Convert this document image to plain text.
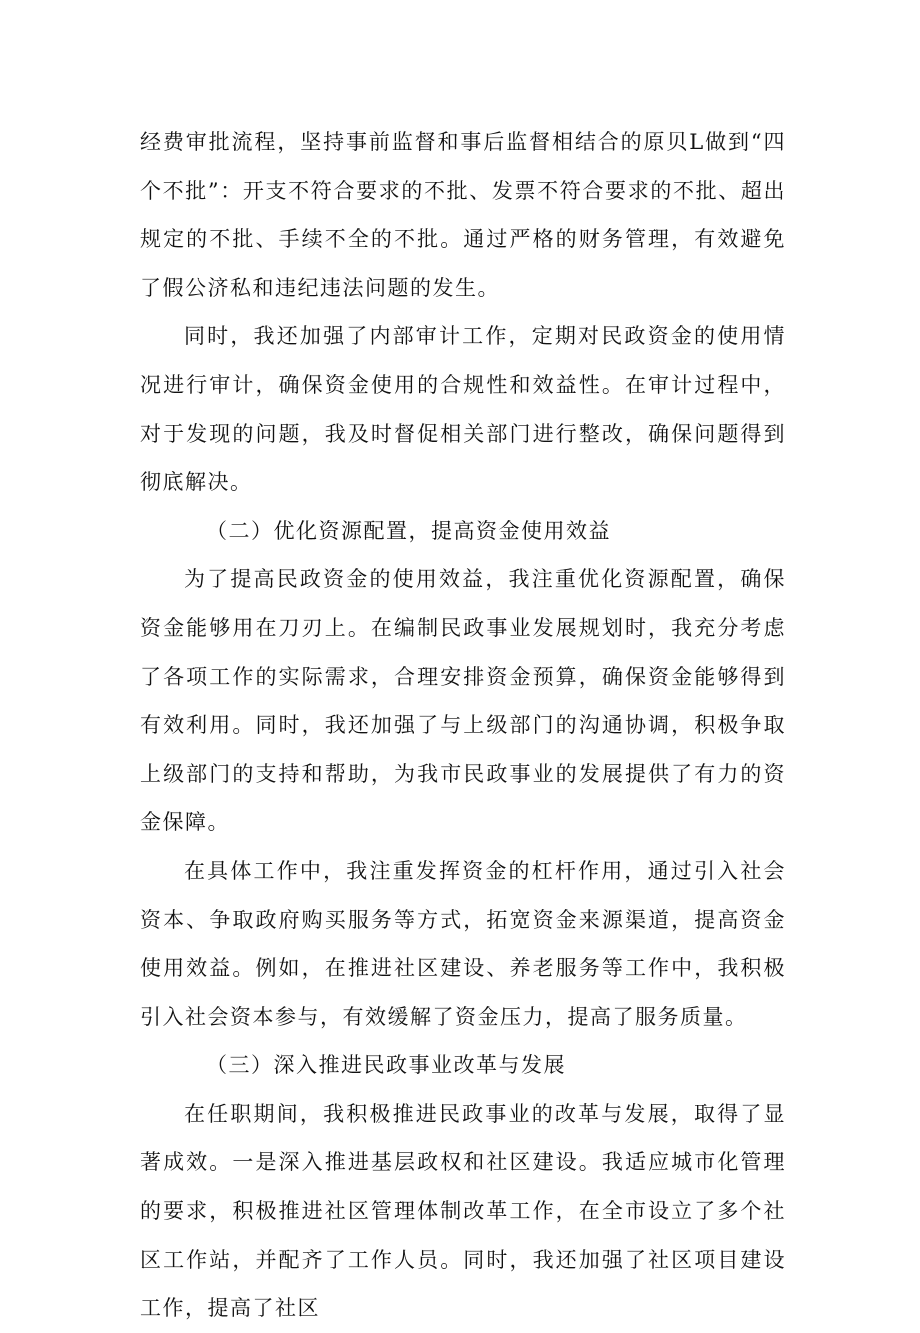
经费审批流程，坚持事前监督和事后监督相结合的原贝L做到“四个不批”：开支不符合要求的不批、发票不符合要求的不批、超出规定的不批、手续不全的不批。通过严格的财务管理，有效避免了假公济私和违纪违法问题的发生。

同时，我还加强了内部审计工作，定期对民政资金的使用情况进行审计，确保资金使用的合规性和效益性。在审计过程中，对于发现的问题，我及时督促相关部门进行整改，确保问题得到彻底解决。

（二）优化资源配置，提高资金使用效益

为了提高民政资金的使用效益，我注重优化资源配置，确保资金能够用在刀刃上。在编制民政事业发展规划时，我充分考虑了各项工作的实际需求，合理安排资金预算，确保资金能够得到有效利用。同时，我还加强了与上级部门的沟通协调，积极争取上级部门的支持和帮助，为我市民政事业的发展提供了有力的资金保障。

在具体工作中，我注重发挥资金的杠杆作用，通过引入社会资本、争取政府购买服务等方式，拓宽资金来源渠道，提高资金使用效益。例如，在推进社区建设、养老服务等工作中，我积极引入社会资本参与，有效缓解了资金压力，提高了服务质量。

（三）深入推进民政事业改革与发展

在任职期间，我积极推进民政事业的改革与发展，取得了显著成效。一是深入推进基层政权和社区建设。我适应城市化管理的要求，积极推进社区管理体制改革工作，在全市设立了多个社区工作站，并配齐了工作人员。同时，我还加强了社区项目建设工作，提高了社区
